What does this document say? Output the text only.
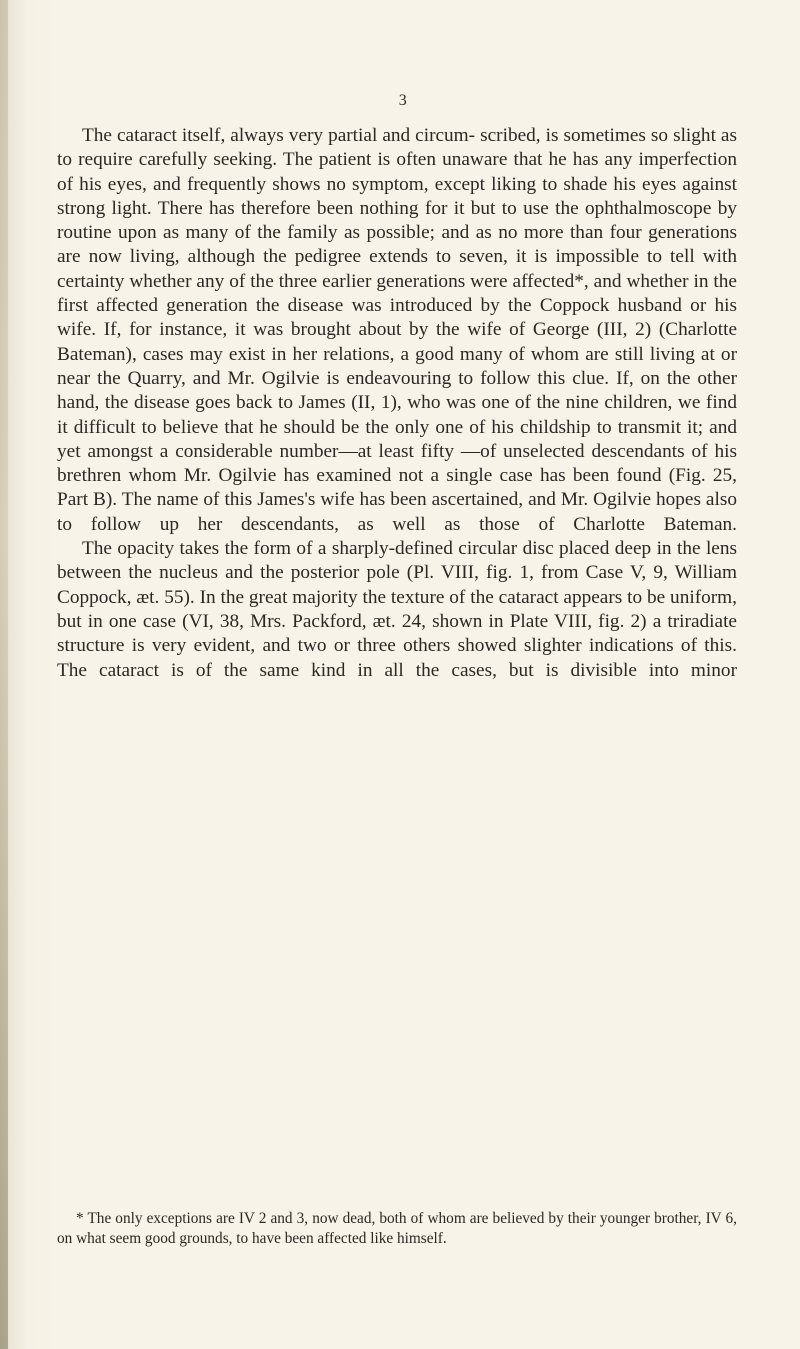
3

The cataract itself, always very partial and circum- scribed, is sometimes so slight as to require carefully seeking. The patient is often unaware that he has any imperfection of his eyes, and frequently shows no symptom, except liking to shade his eyes against strong light. There has therefore been nothing for it but to use the ophthalmoscope by routine upon as many of the family as possible; and as no more than four generations are now living, although the pedigree extends to seven, it is impossible to tell with certainty whether any of the three earlier generations were affected*, and whether in the first affected generation the disease was introduced by the Coppock husband or his wife. If, for instance, it was brought about by the wife of George (III, 2) (Charlotte Bateman), cases may exist in her relations, a good many of whom are still living at or near the Quarry, and Mr. Ogilvie is endeavouring to follow this clue. If, on the other hand, the disease goes back to James (II, 1), who was one of the nine children, we find it difficult to believe that he should be the only one of his childship to transmit it; and yet amongst a considerable number—at least fifty —of unselected descendants of his brethren whom Mr. Ogilvie has examined not a single case has been found (Fig. 25, Part B). The name of this James's wife has been ascertained, and Mr. Ogilvie hopes also to follow up her descendants, as well as those of Charlotte Bateman.

The opacity takes the form of a sharply-defined circular disc placed deep in the lens between the nucleus and the posterior pole (Pl. VIII, fig. 1, from Case V, 9, William Coppock, æt. 55). In the great majority the texture of the cataract appears to be uniform, but in one case (VI, 38, Mrs. Packford, æt. 24, shown in Plate VIII, fig. 2) a triradiate structure is very evident, and two or three others showed slighter indications of this. The cataract is of the same kind in all the cases, but is divisible into minor

* The only exceptions are IV 2 and 3, now dead, both of whom are believed by their younger brother, IV 6, on what seem good grounds, to have been affected like himself.
